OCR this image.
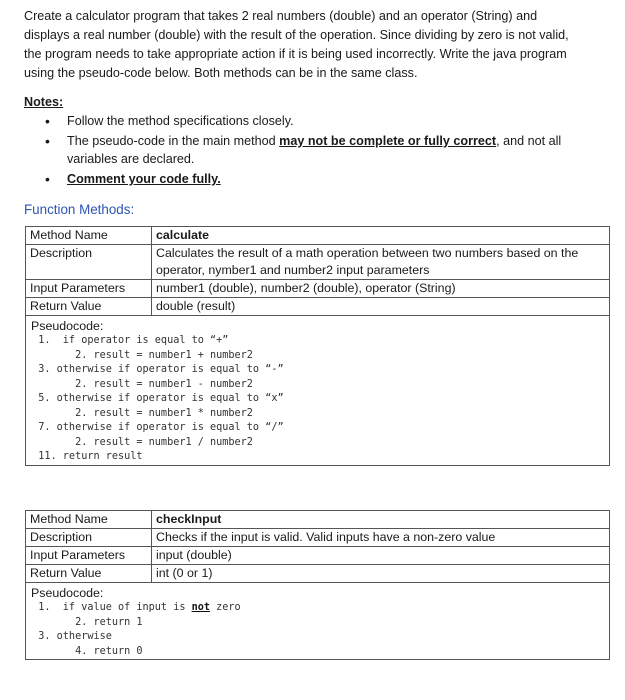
Create a calculator program that takes 2 real numbers (double) and an operator (String) and displays a real number (double) with the result of the operation. Since dividing by zero is not valid, the program needs to take appropriate action if it is being used incorrectly. Write the java program using the pseudo-code below. Both methods can be in the same class.
Notes:
• Follow the method specifications closely.
• The pseudo-code in the main method may not be complete or fully correct, and not all variables are declared.
• Comment your code fully.
Function Methods:
Method Name	calculate
Description	Calculates the result of a math operation between two numbers based on the operator, nymber1 and number2 input parameters
Input Parameters	number1 (double), number2 (double), operator (String)
Return Value	double (result)
Pseudocode:
1.  if operator is equal to “+”
2. result = number1 + number2
3. otherwise if operator is equal to “-”
2. result = number1 - number2
5. otherwise if operator is equal to “x”
2. result = number1 * number2
7. otherwise if operator is equal to “/”
2. result = number1 / number2
11. return result
Method Name	checkInput
Description	Checks if the input is valid. Valid inputs have a non-zero value
Input Parameters	input (double)
Return Value	int (0 or 1)
Pseudocode:
1.  if value of input is not zero
2. return 1
3. otherwise
4. return 0
